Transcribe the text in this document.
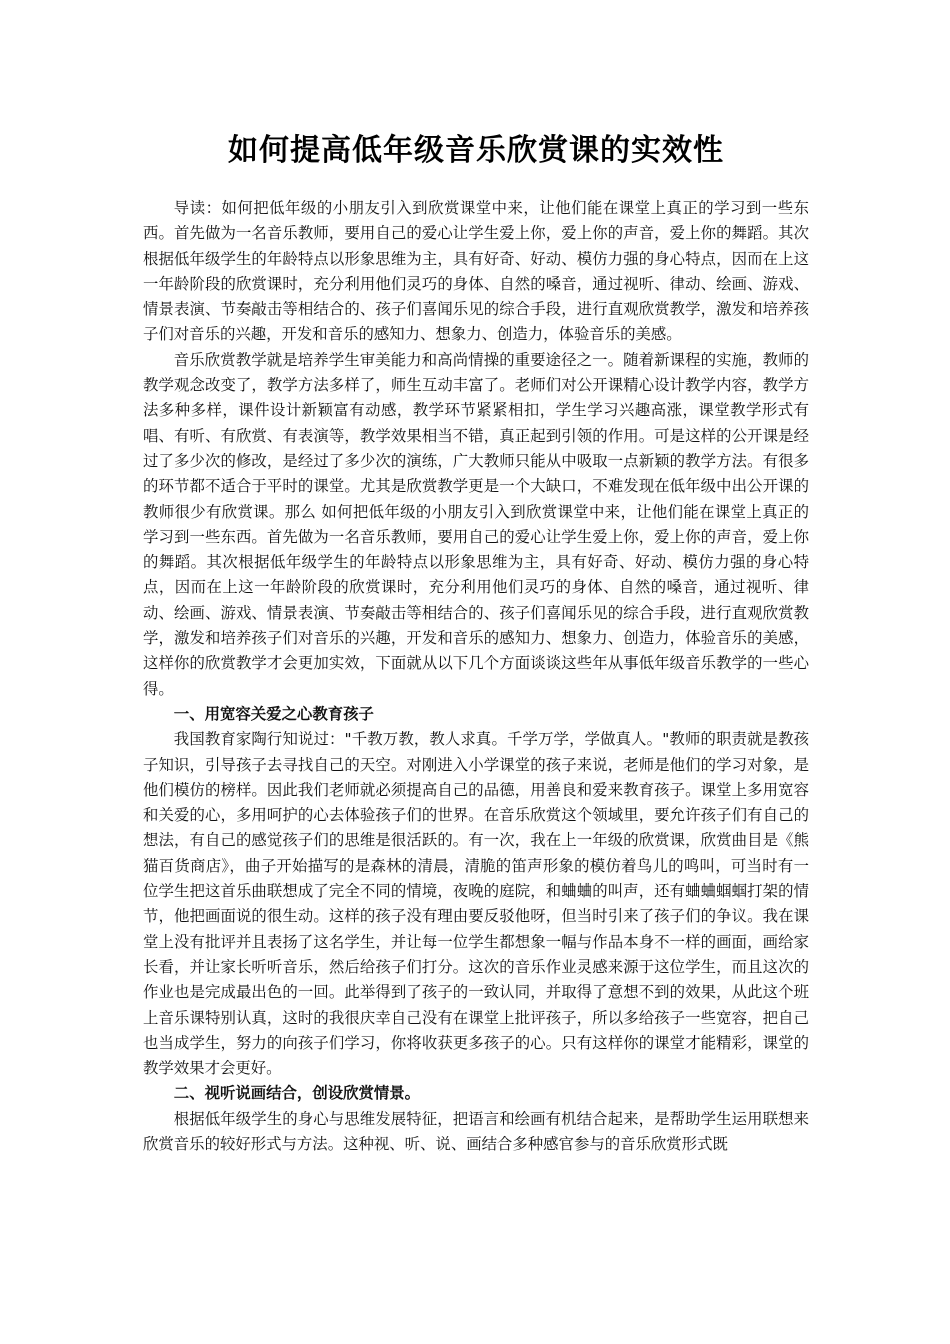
如何提高低年级音乐欣赏课的实效性

导读：如何把低年级的小朋友引入到欣赏课堂中来，让他们能在课堂上真正的学习到一些东西。首先做为一名音乐教师，要用自己的爱心让学生爱上你，爱上你的声音，爱上你的舞蹈。其次根据低年级学生的年龄特点以形象思维为主，具有好奇、好动、模仿力强的身心特点，因而在上这一年龄阶段的欣赏课时，充分利用他们灵巧的身体、自然的嗓音，通过视听、律动、绘画、游戏、情景表演、节奏敲击等相结合的、孩子们喜闻乐见的综合手段，进行直观欣赏教学，激发和培养孩子们对音乐的兴趣，开发和音乐的感知力、想象力、创造力，体验音乐的美感。

音乐欣赏教学就是培养学生审美能力和高尚情操的重要途径之一。随着新课程的实施，教师的教学观念改变了，教学方法多样了，师生互动丰富了。老师们对公开课精心设计教学内容，教学方法多种多样，课件设计新颖富有动感，教学环节紧紧相扣，学生学习兴趣高涨，课堂教学形式有唱、有听、有欣赏、有表演等，教学效果相当不错，真正起到引领的作用。可是这样的公开课是经过了多少次的修改，是经过了多少次的演练，广大教师只能从中吸取一点新颖的教学方法。有很多的环节都不适合于平时的课堂。尤其是欣赏教学更是一个大缺口，不难发现在低年级中出公开课的教师很少有欣赏课。那么 如何把低年级的小朋友引入到欣赏课堂中来，让他们能在课堂上真正的学习到一些东西。首先做为一名音乐教师，要用自己的爱心让学生爱上你，爱上你的声音，爱上你的舞蹈。其次根据低年级学生的年龄特点以形象思维为主，具有好奇、好动、模仿力强的身心特点，因而在上这一年龄阶段的欣赏课时，充分利用他们灵巧的身体、自然的嗓音，通过视听、律动、绘画、游戏、情景表演、节奏敲击等相结合的、孩子们喜闻乐见的综合手段，进行直观欣赏教学，激发和培养孩子们对音乐的兴趣，开发和音乐的感知力、想象力、创造力，体验音乐的美感，这样你的欣赏教学才会更加实效，下面就从以下几个方面谈谈这些年从事低年级音乐教学的一些心得。

一、用宽容关爱之心教育孩子

我国教育家陶行知说过："千教万教，教人求真。千学万学，学做真人。"教师的职责就是教孩子知识，引导孩子去寻找自己的天空。对刚进入小学课堂的孩子来说，老师是他们的学习对象，是他们模仿的榜样。因此我们老师就必须提高自己的品德，用善良和爱来教育孩子。课堂上多用宽容和关爱的心，多用呵护的心去体验孩子们的世界。在音乐欣赏这个领域里，要允许孩子们有自己的想法，有自己的感觉孩子们的思维是很活跃的。有一次，我在上一年级的欣赏课，欣赏曲目是《熊猫百货商店》，曲子开始描写的是森林的清晨，清脆的笛声形象的模仿着鸟儿的鸣叫，可当时有一位学生把这首乐曲联想成了完全不同的情境，夜晚的庭院，和蛐蛐的叫声，还有蛐蛐蝈蝈打架的情节，他把画面说的很生动。这样的孩子没有理由要反驳他呀，但当时引来了孩子们的争议。我在课堂上没有批评并且表扬了这名学生，并让每一位学生都想象一幅与作品本身不一样的画面，画给家长看，并让家长听听音乐，然后给孩子们打分。这次的音乐作业灵感来源于这位学生，而且这次的作业也是完成最出色的一回。此举得到了孩子的一致认同，并取得了意想不到的效果，从此这个班上音乐课特别认真，这时的我很庆幸自己没有在课堂上批评孩子，所以多给孩子一些宽容，把自己也当成学生，努力的向孩子们学习，你将收获更多孩子的心。只有这样你的课堂才能精彩，课堂的教学效果才会更好。

二、视听说画结合，创设欣赏情景。

根据低年级学生的身心与思维发展特征，把语言和绘画有机结合起来，是帮助学生运用联想来欣赏音乐的较好形式与方法。这种视、听、说、画结合多种感官参与的音乐欣赏形式既
